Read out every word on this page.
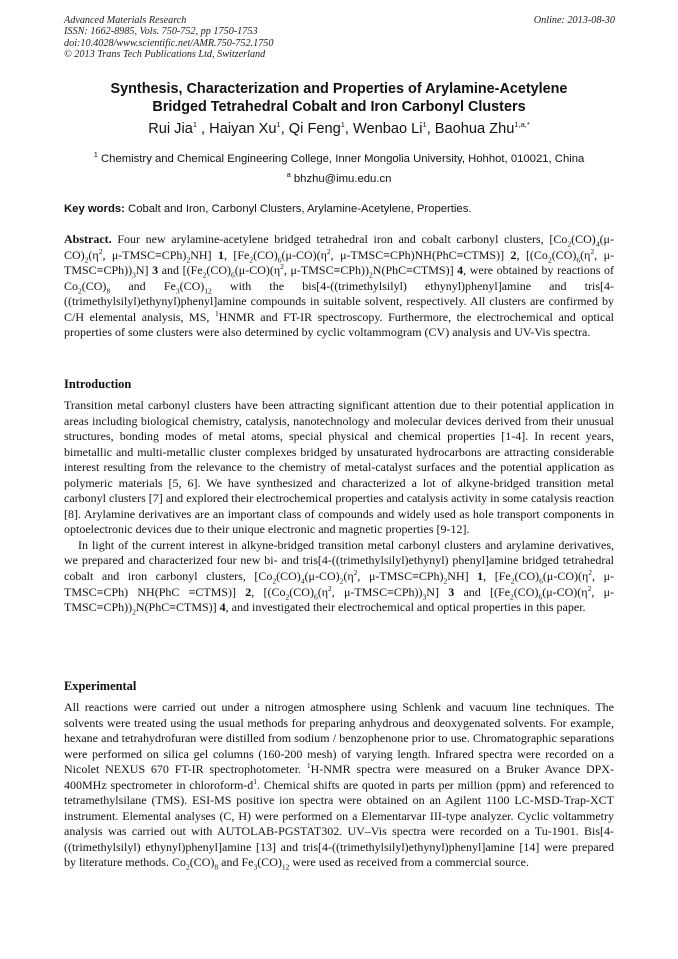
Advanced Materials Research
ISSN: 1662-8985, Vols. 750-752, pp 1750-1753
doi:10.4028/www.scientific.net/AMR.750-752.1750
© 2013 Trans Tech Publications Ltd, Switzerland
Online: 2013-08-30
Synthesis, Characterization and Properties of Arylamine-Acetylene
Bridged Tetrahedral Cobalt and Iron Carbonyl Clusters
Rui Jia$^1$ , Haiyan Xu$^1$, Qi Feng$^1$, Wenbao Li$^1$, Baohua Zhu$^{1,a,*}$
$^1$ Chemistry and Chemical Engineering College, Inner Mongolia University, Hohhot, 010021, China
$^a$ bhzhu@imu.edu.cn
Key words: Cobalt and Iron, Carbonyl Clusters, Arylamine-Acetylene, Properties.

Abstract. Four new arylamine-acetylene bridged tetrahedral iron and cobalt carbonyl clusters, [$Co_2(CO)_4(\mu-CO)_2(\eta^2$, $\mu-TMSC\equiv CPh)_2NH$] 1, [$Fe_2(CO)_6(\mu-CO)(\eta^2$, μ-TMSC≡CPh)NH(PhC≡CTMS)] 2, [($Co_2(CO)_6(\eta^2$, $\mu-TMSC\equiv CPh))_3N$] 3 and [($Fe_2(CO)_6(\mu-CO)(\eta^2$, $\mu-TMSC\equiv CPh))_2N(PhC\equiv CTMS)$] 4, were obtained by reactions of $Co_2(CO)_8$ and $Fe_3(CO)_{12}$ with the bis[4-((trimethylsilyl) ethynyl)phenyl]amine and tris[4-((trimethylsilyl)ethynyl)phenyl]amine compounds in suitable solvent, respectively. All clusters are confirmed by C/H elemental analysis, MS, $^1$HNMR and FT-IR spectroscopy. Furthermore, the electrochemical and optical properties of some clusters were also determined by cyclic voltammogram (CV) analysis and UV-Vis spectra.

Introduction

Transition metal carbonyl clusters have been attracting significant attention due to their potential application in areas including biological chemistry, catalysis, nanotechnology and molecular devices derived from their unusual structures, bonding modes of metal atoms, special physical and chemical properties [1-4]. In recent years, bimetallic and multi-metallic cluster complexes bridged by unsaturated hydrocarbons are attracting considerable interest resulting from the relevance to the chemistry of metal-catalyst surfaces and the potential application as polymeric materials [5, 6]. We have synthesized and characterized a lot of alkyne-bridged transition metal carbonyl clusters [7] and explored their electrochemical properties and catalysis activity in some catalysis reaction [8]. Arylamine derivatives are an important class of compounds and widely used as hole transport components in optoelectronic devices due to their unique electronic and magnetic properties [9-12].

In light of the current interest in alkyne-bridged transition metal carbonyl clusters and arylamine derivatives, we prepared and characterized four new bi- and tris[4-((trimethylsilyl)ethynyl) phenyl]amine bridged tetrahedral cobalt and iron carbonyl clusters, [$Co_2(CO)_4(\mu-CO)_2(\eta^2$, $\mu-TMSC\equiv CPh)_2NH$] 1, [$Fe_2(CO)_6(\mu-CO)(\eta^2$, μ-TMSC≡CPh) NH(PhC ≡CTMS)] 2, [($Co_2(CO)_6(\eta^2$, $\mu-TMSC\equiv CPh))_3N$] 3 and [($Fe_2(CO)_6(\mu-CO)(\eta^2$, $\mu-TMSC\equiv CPh))_2N(PhC\equiv CTMS)$] 4, and investigated their electrochemical and optical properties in this paper.

Experimental

All reactions were carried out under a nitrogen atmosphere using Schlenk and vacuum line techniques. The solvents were treated using the usual methods for preparing anhydrous and deoxygenated solvents. For example, hexane and tetrahydrofuran were distilled from sodium / benzophenone prior to use. Chromatographic separations were performed on silica gel columns (160-200 mesh) of varying length. Infrared spectra were recorded on a Nicolet NEXUS 670 FT-IR spectrophotometer. $^1$H-NMR spectra were measured on a Bruker Avance DPX-400MHz spectrometer in chloroform-$d^1$. Chemical shifts are quoted in parts per million (ppm) and referenced to tetramethylsilane (TMS). ESI-MS positive ion spectra were obtained on an Agilent 1100 LC-MSD-Trap-XCT instrument. Elemental analyses (C, H) were performed on a Elementarvar III-type analyzer. Cyclic voltammetry analysis was carried out with AUTOLAB-PGSTAT302. UV–Vis spectra were recorded on a Tu-1901. Bis[4-((trimethylsilyl) ethynyl)phenyl]amine [13] and tris[4-((trimethylsilyl)ethynyl)phenyl]amine [14] were prepared by literature methods. $Co_2(CO)_8$ and $Fe_3(CO)_{12}$ were used as received from a commercial source.
